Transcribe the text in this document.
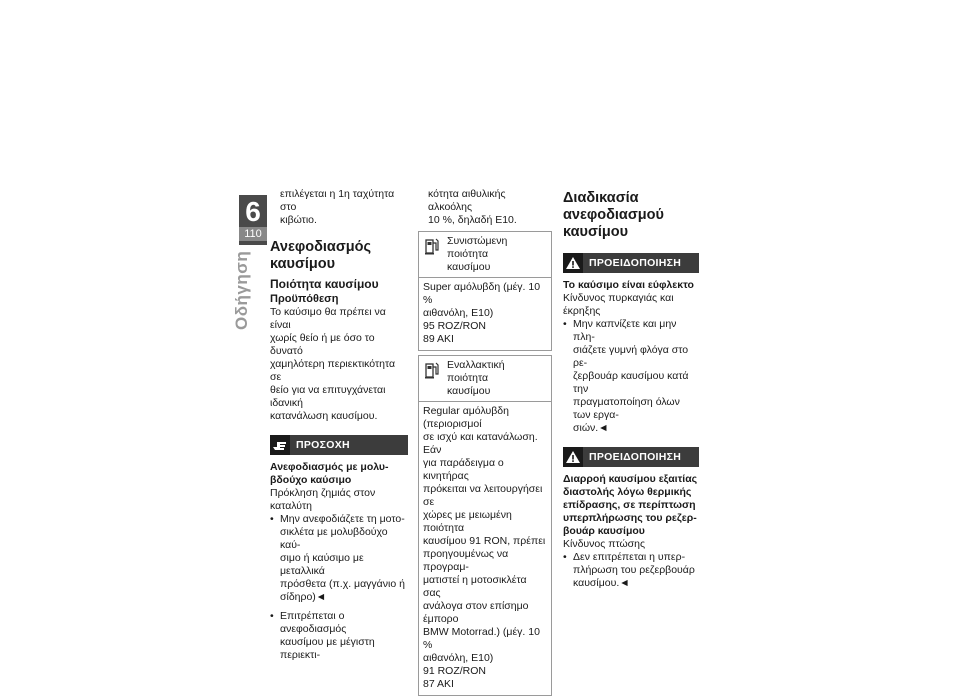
6
110
Οδήγηση

επιλέγεται η 1η ταχύτητα στο

κιβώτιο.

Ανεφοδιασμός
καυσίμου
Ποιότητα καυσίμου
Προϋπόθεση

Το καύσιμο θα πρέπει να είναι

χωρίς θείο ή με όσο το δυνατό

χαμηλότερη περιεκτικότητα σε

θείο για να επιτυγχάνεται ιδανική

κατανάλωση καυσίμου.

ΠΡΟΣΟΧΗ
Ανεφοδιασμός με μολυ-
βδούχο καύσιμο

Πρόκληση ζημιάς στον καταλύτη

• Μην ανεφοδιάζετε τη μοτο-
σικλέτα με μολυβδούχο καύ-
σιμο ή καύσιμο με μεταλλικά
πρόσθετα (π.χ. μαγγάνιο ή
σίδηρο)◄
• Επιτρέπεται ο ανεφοδιασμός
καυσίμου με μέγιστη περιεκτι-

κότητα αιθυλικής αλκοόλης

10 %, δηλαδή E10.

Συνιστώμενη ποιότητα
καυσίμου
Super αμόλυβδη (μέγ. 10 %
αιθανόλη, E10)
95 ROZ/RON
89 AKI
Εναλλακτική ποιότητα
καυσίμου
Regular αμόλυβδη (περιορισμοί
σε ισχύ και κατανάλωση. Εάν
για παράδειγμα ο κινητήρας
πρόκειται να λειτουργήσει σε
χώρες με μειωμένη ποιότητα
καυσίμου 91 RON, πρέπει
προηγουμένως να προγραμ-
ματιστεί η μοτοσικλέτα σας
ανάλογα στον επίσημο έμπορο
BMW Motorrad.) (μέγ. 10 %
αιθανόλη, E10)
91 ROZ/RON
87 AKI
Διαδικασία ανεφοδιασμού
καυσίμου
ΠΡΟΕΙΔΟΠΟΙΗΣΗ
Το καύσιμο είναι εύφλεκτο

Κίνδυνος πυρκαγιάς και έκρηξης

• Μην καπνίζετε και μην πλη-
σιάζετε γυμνή φλόγα στο ρε-
ζερβουάρ καυσίμου κατά την
πραγματοποίηση όλων των εργα-
σιών.◄
ΠΡΟΕΙΔΟΠΟΙΗΣΗ
Διαρροή καυσίμου εξαιτίας
διαστολής λόγω θερμικής
επίδρασης, σε περίπτωση
υπερπλήρωσης του ρεζερ-
βουάρ καυσίμου

Κίνδυνος πτώσης

• Δεν επιτρέπεται η υπερ-
πλήρωση του ρεζερβουάρ
καυσίμου.◄
